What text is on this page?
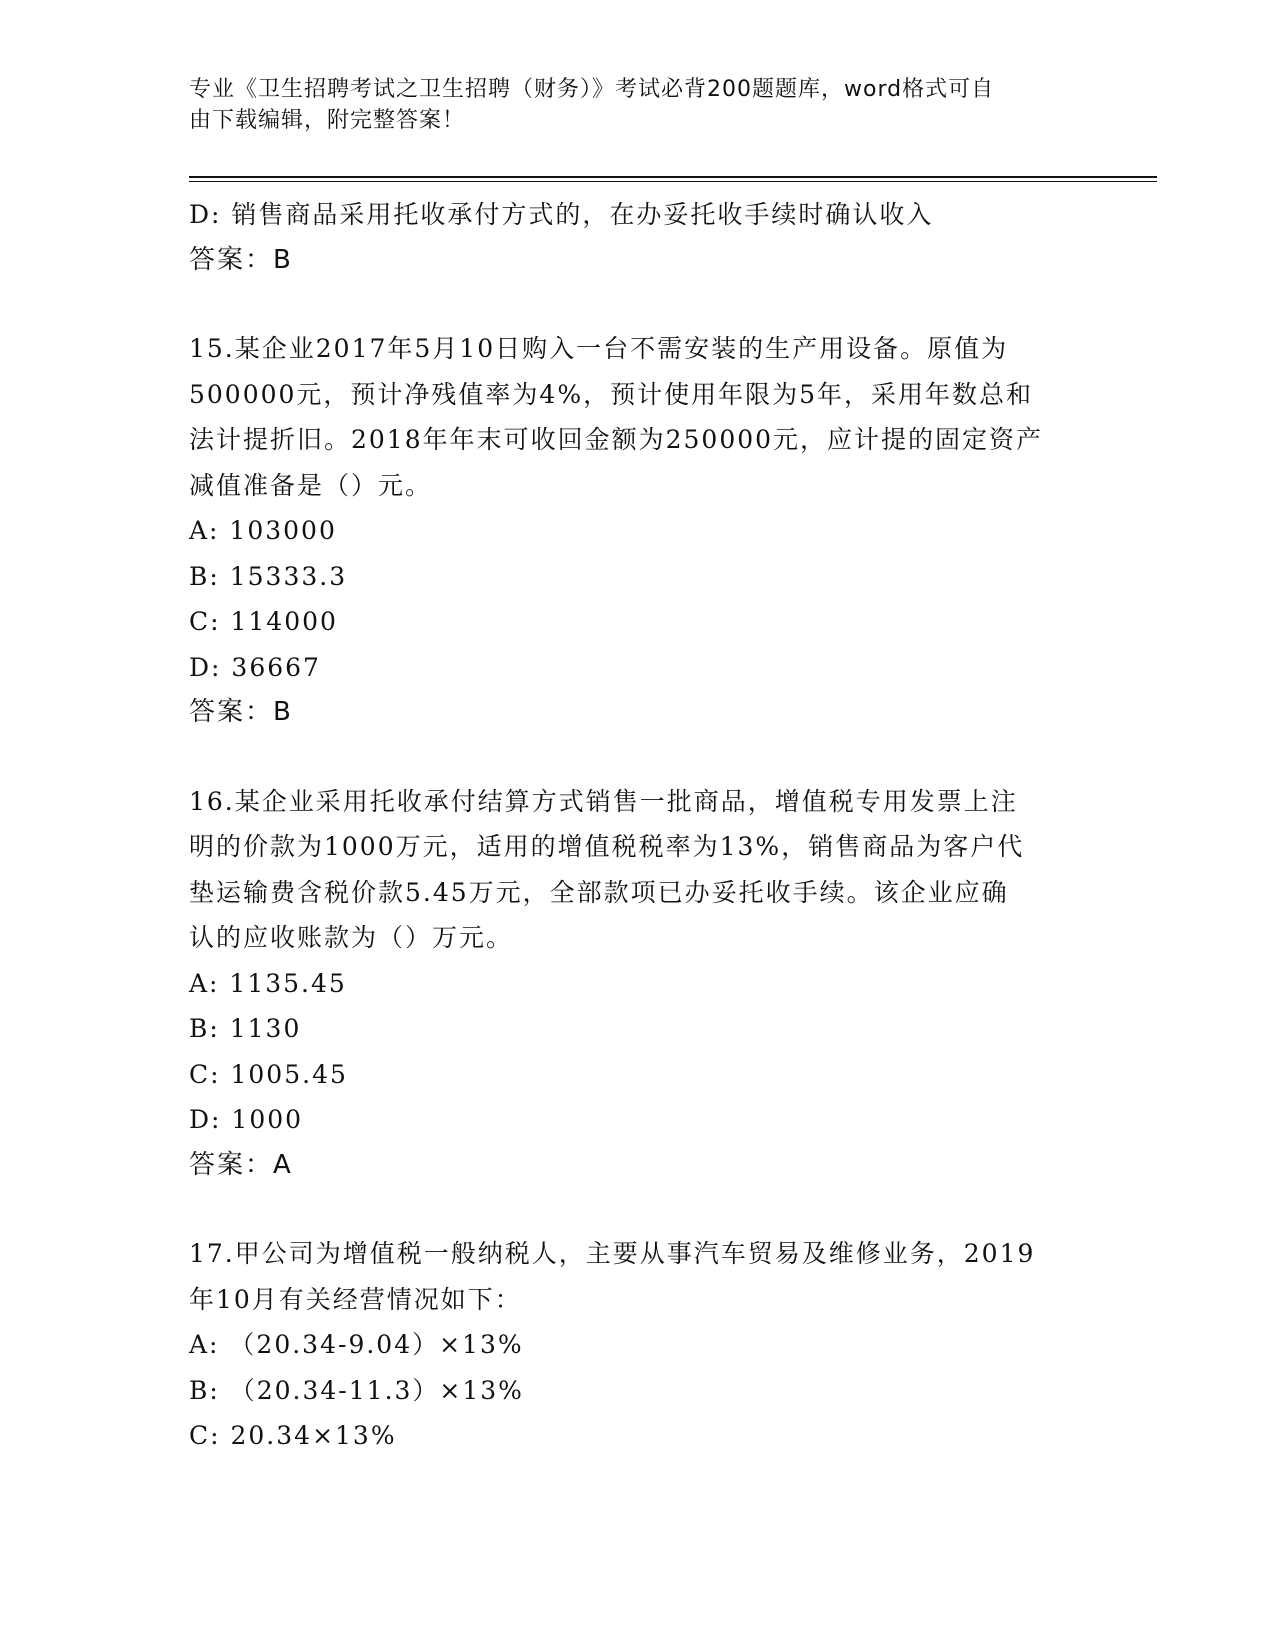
专业《卫生招聘考试之卫生招聘（财务）》考试必背200题题库，word格式可自
由下载编辑，附完整答案！
D: 销售商品采用托收承付方式的，在办妥托收手续时确认收入
答案：B
15.某企业2017年5月10日购入一台不需安装的生产用设备。原值为
500000元，预计净残值率为4%，预计使用年限为5年，采用年数总和
法计提折旧。2018年年末可收回金额为250000元，应计提的固定资产
减值准备是（）元。
A: 103000
B: 15333.3
C: 114000
D: 36667
答案：B
16.某企业采用托收承付结算方式销售一批商品，增值税专用发票上注
明的价款为1000万元，适用的增值税税率为13%，销售商品为客户代
垫运输费含税价款5.45万元，全部款项已办妥托收手续。该企业应确
认的应收账款为（）万元。
A: 1135.45
B: 1130
C: 1005.45
D: 1000
答案：A
17.甲公司为增值税一般纳税人，主要从事汽车贸易及维修业务，2019
年10月有关经营情况如下：
A: （20.34-9.04）×13%
B: （20.34-11.3）×13%
C: 20.34×13%
